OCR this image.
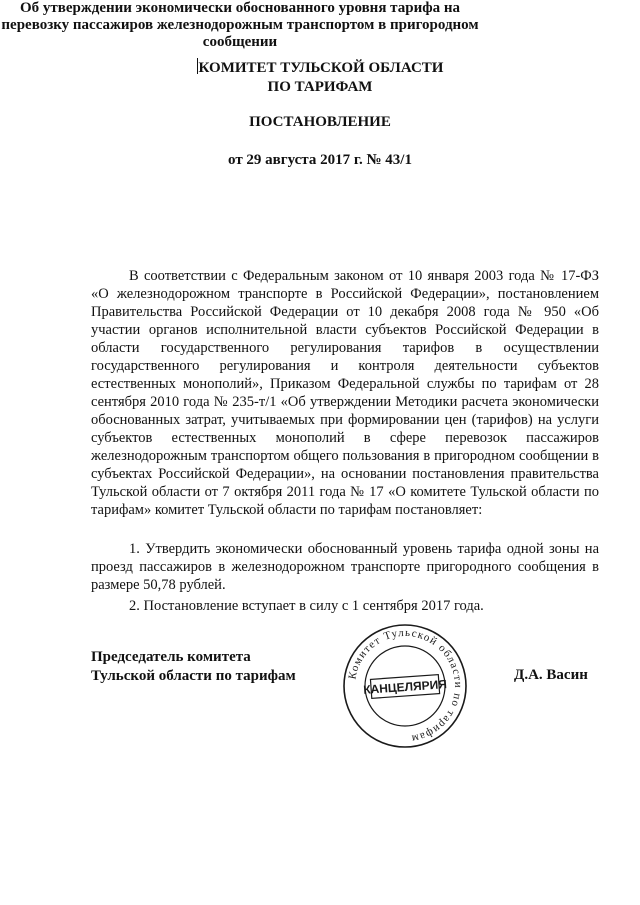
КОМИТЕТ ТУЛЬСКОЙ ОБЛАСТИ
ПО ТАРИФАМ
ПОСТАНОВЛЕНИЕ
от 29 августа 2017 г. № 43/1
Об утверждении экономически обоснованного уровня тарифа на перевозку пассажиров железнодорожным транспортом в пригородном сообщении

В соответствии с Федеральным законом от 10 января 2003 года № 17-ФЗ «О железнодорожном транспорте в Российской Федерации», постановлением Правительства Российской Федерации от 10 декабря 2008 года № 950 «Об участии органов исполнительной власти субъектов Российской Федерации в области государственного регулирования тарифов в осуществлении государственного регулирования и контроля деятельности субъектов естественных монополий», Приказом Федеральной службы по тарифам от 28 сентября 2010 года № 235-т/1 «Об утверждении Методики расчета экономически обоснованных затрат, учитываемых при формировании цен (тарифов) на услуги субъектов естественных монополий в сфере перевозок пассажиров железнодорожным транспортом общего пользования в пригородном сообщении в субъектах Российской Федерации», на основании постановления правительства Тульской области от 7 октября 2011 года № 17 «О комитете Тульской области по тарифам» комитет Тульской области по тарифам постановляет:

1. Утвердить экономически обоснованный уровень тарифа одной зоны на проезд пассажиров в железнодорожном транспорте пригородного сообщения в размере 50,78 рублей.

2. Постановление вступает в силу с 1 сентября 2017 года.

Председатель комитета
Тульской области по тарифам	Комитет Тульской области по тарифам
КАНЦЕЛЯРИЯ
Д.А. Васин
